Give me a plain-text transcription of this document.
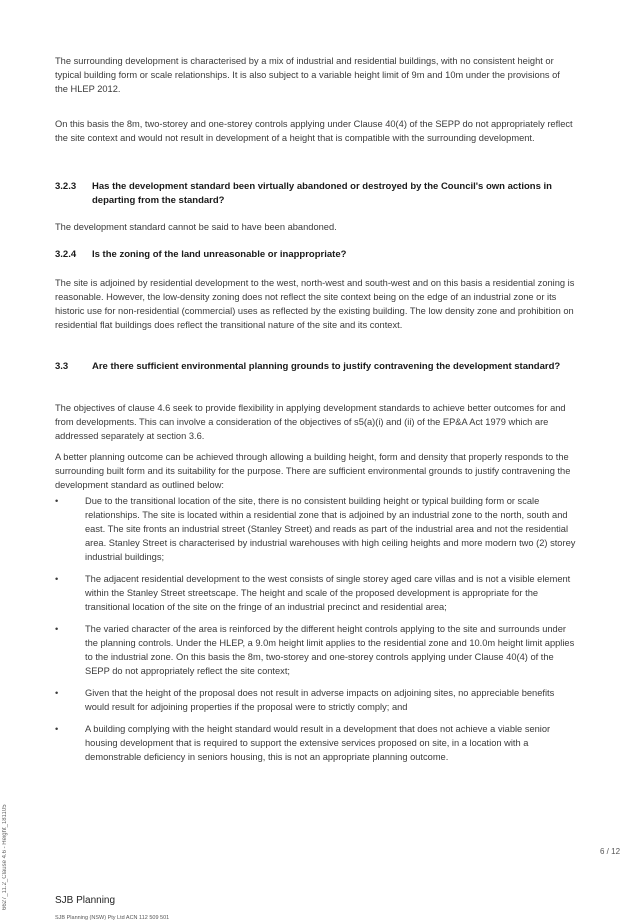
The surrounding development is characterised by a mix of industrial and residential buildings, with no consistent height or typical building form or scale relationships. It is also subject to a variable height limit of 9m and 10m under the provisions of the HLEP 2012.

On this basis the 8m, two-storey and one-storey controls applying under Clause 40(4) of the SEPP do not appropriately reflect the site context and would not result in development of a height that is compatible with the surrounding development.

3.2.3	Has the development standard been virtually abandoned or destroyed by the Council's own actions in departing from the standard?

The development standard cannot be said to have been abandoned.

3.2.4	Is the zoning of the land unreasonable or inappropriate?

The site is adjoined by residential development to the west, north-west and south-west and on this basis a residential zoning is reasonable. However, the low-density zoning does not reflect the site context being on the edge of an industrial zone or its historic use for non-residential (commercial) uses as reflected by the existing building. The low density zone and prohibition on residential flat buildings does reflect the transitional nature of the site and its context.

3.3	Are there sufficient environmental planning grounds to justify contravening the development standard?

The objectives of clause 4.6 seek to provide flexibility in applying development standards to achieve better outcomes for and from developments. This can involve a consideration of the objectives of s5(a)(i) and (ii) of the EP&A Act 1979 which are addressed separately at section 3.6.

A better planning outcome can be achieved through allowing a building height, form and density that properly responds to the surrounding built form and its suitability for the purpose. There are sufficient environmental grounds to justify contravening the development standard as outlined below:

•	Due to the transitional location of the site, there is no consistent building height or typical building form or scale relationships. The site is located within a residential zone that is adjoined by an industrial zone to the north, south and east. The site fronts an industrial street (Stanley Street) and reads as part of the industrial area and not the residential area. Stanley Street is characterised by industrial warehouses with high ceiling heights and more modern two (2) storey industrial buildings;
•	The adjacent residential development to the west consists of single storey aged care villas and is not a visible element within the Stanley Street streetscape. The height and scale of the proposed development is appropriate for the transitional location of the site on the fringe of an industrial precinct and residential area;
•	The varied character of the area is reinforced by the different height controls applying to the site and surrounds under the planning controls. Under the HLEP, a 9.0m height limit applies to the residential zone and 10.0m height limit applies to the industrial zone. On this basis the 8m, two-storey and one-storey controls applying under Clause 40(4) of the SEPP do not appropriately reflect the site context;
•	Given that the height of the proposal does not result in adverse impacts on adjoining sites, no appreciable benefits would result for adjoining properties if the proposal were to strictly comply; and
•	A building complying with the height standard would result in a development that does not achieve a viable senior housing development that is required to support the extensive services proposed on site, in a location with a demonstrable deficiency in seniors housing, this is not an appropriate planning outcome.
6627_11.2_Clause 4.6 - Height_181105	6 / 12
SJB Planning
SJB Planning (NSW) Pty Ltd ACN 112 509 501
